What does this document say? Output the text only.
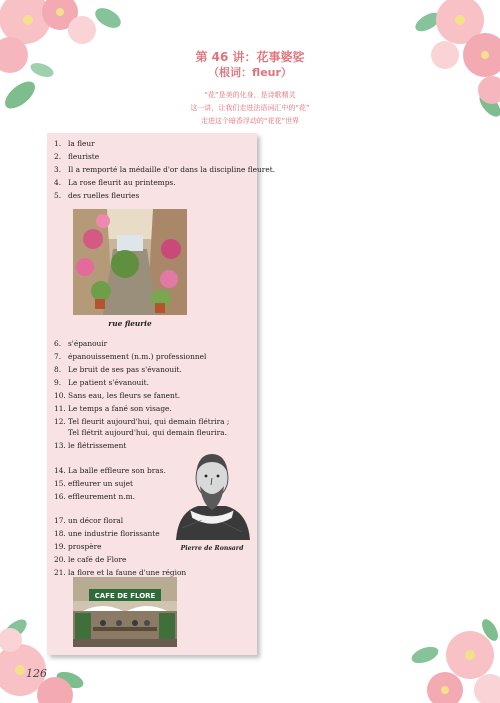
第 46 讲：花事婆娑
（根词：fleur）
“花”是美的化身，是诗歌精灵
这一讲，让我们走进法语词汇中的“花”
走进这个暗香浮动的“花花”世界
1. la fleur
2. fleuriste
3. Il a remporté la médaille d'or dans la discipline fleuret.
4. La rose fleurit au printemps.
5. des ruelles fleuries
rue fleurie
6. s'épanouir
7. épanouissement (n.m.) professionnel
8. Le bruit de ses pas s'évanouit.
9. Le patient s'évanouit.
10. Sans eau, les fleurs se fanent.
11. Le temps a fané son visage.
12. Tel fleurit aujourd'hui, qui demain flétrira ;
Tel flétrit aujourd'hui, qui demain fleurira.
13. le flétrissement
14. La balle effleure son bras.
15. effleurer un sujet
16. effleurement n.m.
17. un décor floral
18. une industrie florissante
19. prospère
20. le café de Flore
21. la flore et la faune d'une région
Pierre de Ronsard
CAFE DE FLORE
126
